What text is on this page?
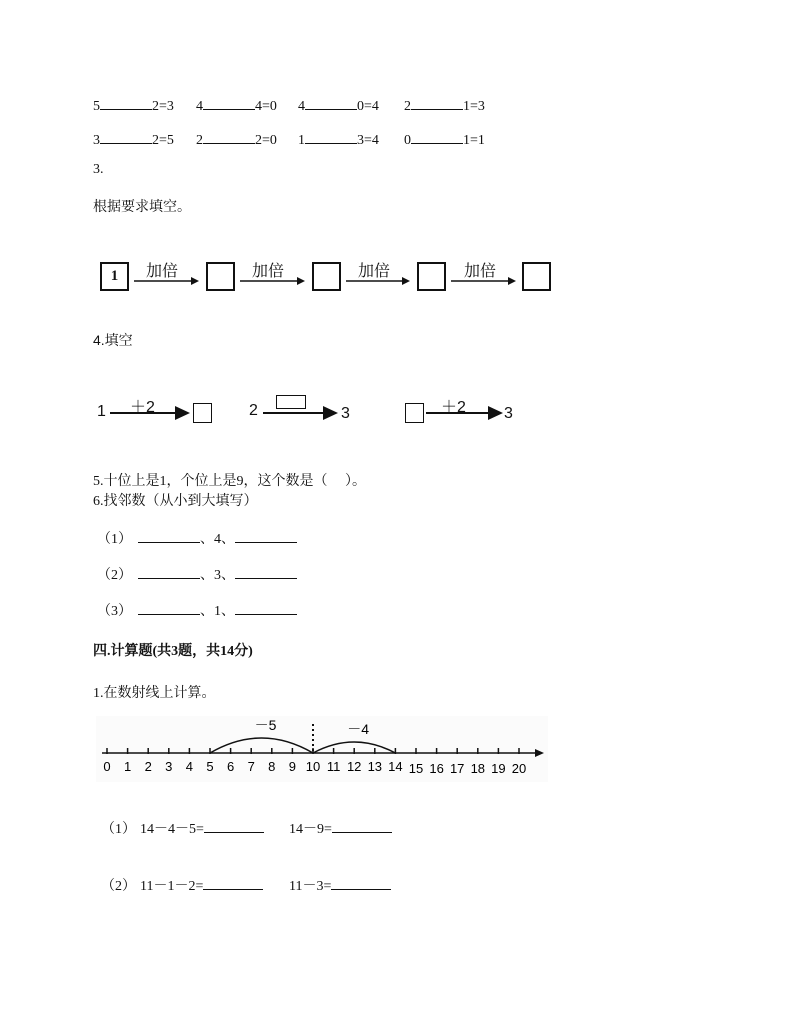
5	2=3 4	4=0 4	0=4 2	1=3
3	2=5 2	2=0 1	3=4 0	1=1
3.
根据要求填空。
1	加倍	加倍	加倍	加倍
4.填空
1 ＋2	2	3	＋2 3
5.十位上是1，个位上是9，这个数是（　 ）。
6.找邻数（从小到大填写）
（1）	、4、
（2）	、3、
（3）	、1、
四.计算题(共3题，共14分)
1.在数射线上计算。
0 1 2 3 4 5 6 7 8 9 10 11 12 13 14 15 16 17 18 19 20
－5	－4
（1） 14－4－5=	14－9=
（2） 11－1－2=	11－3=
